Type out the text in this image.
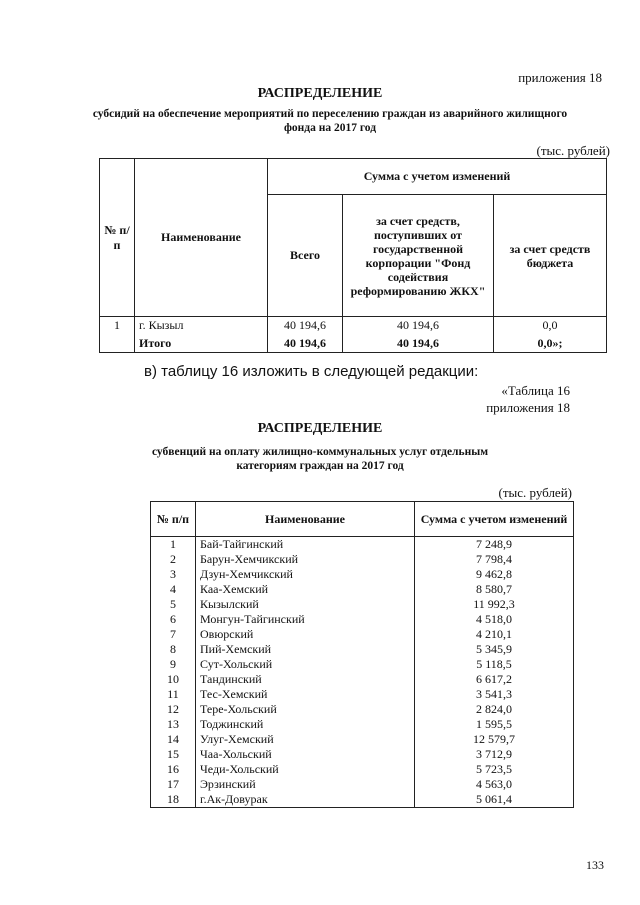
приложения 18
РАСПРЕДЕЛЕНИЕ
субсидий на обеспечение мероприятий по переселению граждан из аварийного жилищного
фонда на 2017 год
(тыс. рублей)
№ п/п	Наименование	Сумма с учетом изменений		
		Всего	за счет средств, поступивших от государственной корпорации "Фонд содействия реформированию ЖКХ"	за счет средств бюджета
1	г. Кызыл	40 194,6	40 194,6	0,0
	Итого	40 194,6	40 194,6	0,0»;
в) таблицу 16 изложить в следующей редакции:
«Таблица 16
приложения 18
РАСПРЕДЕЛЕНИЕ
субвенций на оплату жилищно-коммунальных услуг отдельным
категориям граждан на 2017 год
(тыс. рублей)
№ п/п	Наименование	Сумма с учетом изменений
1	Бай-Тайгинский	7 248,9
2	Барун-Хемчикский	7 798,4
3	Дзун-Хемчикский	9 462,8
4	Каа-Хемский	8 580,7
5	Кызылский	11 992,3
6	Монгун-Тайгинский	4 518,0
7	Овюрский	4 210,1
8	Пий-Хемский	5 345,9
9	Сут-Хольский	5 118,5
10	Тандинский	6 617,2
11	Тес-Хемский	3 541,3
12	Тере-Хольский	2 824,0
13	Тоджинский	1 595,5
14	Улуг-Хемский	12 579,7
15	Чаа-Хольский	3 712,9
16	Чеди-Хольский	5 723,5
17	Эрзинский	4 563,0
18	г.Ак-Довурак	5 061,4
133
